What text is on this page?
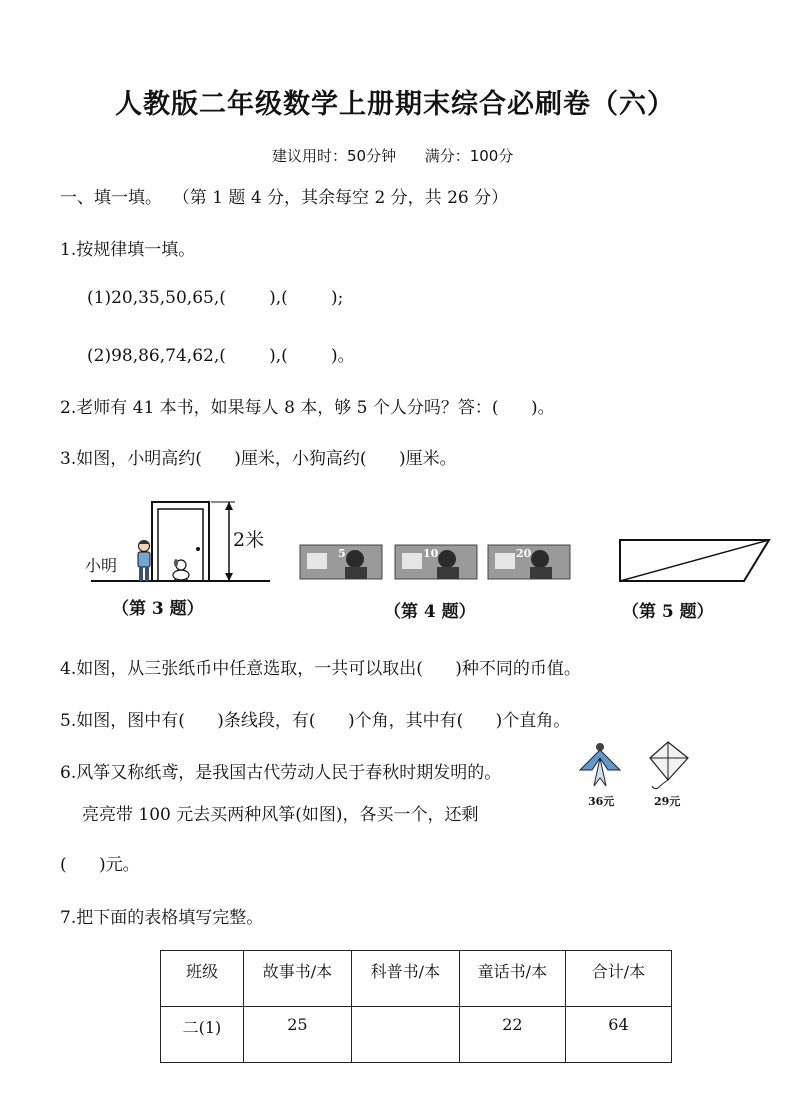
人教版二年级数学上册期末综合必刷卷（六）
建议用时：50分钟 满分：100分
一、填一填。  （第 1 题 4 分，其余每空 2 分，共 26 分）
1.按规律填一填。
(1)20,35,50,65,(        ),(        );
(2)98,86,74,62,(        ),(        )。
2.老师有 41 本书，如果每人 8 本，够 5 个人分吗？答：(      )。
3.如图，小明高约(      )厘米，小狗高约(      )厘米。
小明
2米
（第 3 题）
5	10	20
（第 4 题）	（第 5 题）
4.如图，从三张纸币中任意选取，一共可以取出(      )种不同的币值。
5.如图，图中有(      )条线段，有(      )个角，其中有(      )个直角。
6.风筝又称纸鸢，是我国古代劳动人民于春秋时期发明的。
亮亮带 100 元去买两种风筝(如图)，各买一个，还剩
(      )元。
36元	29元
7.把下面的表格填写完整。
班级	故事书/本	科普书/本	童话书/本	合计/本
二(1)	25		22	64
